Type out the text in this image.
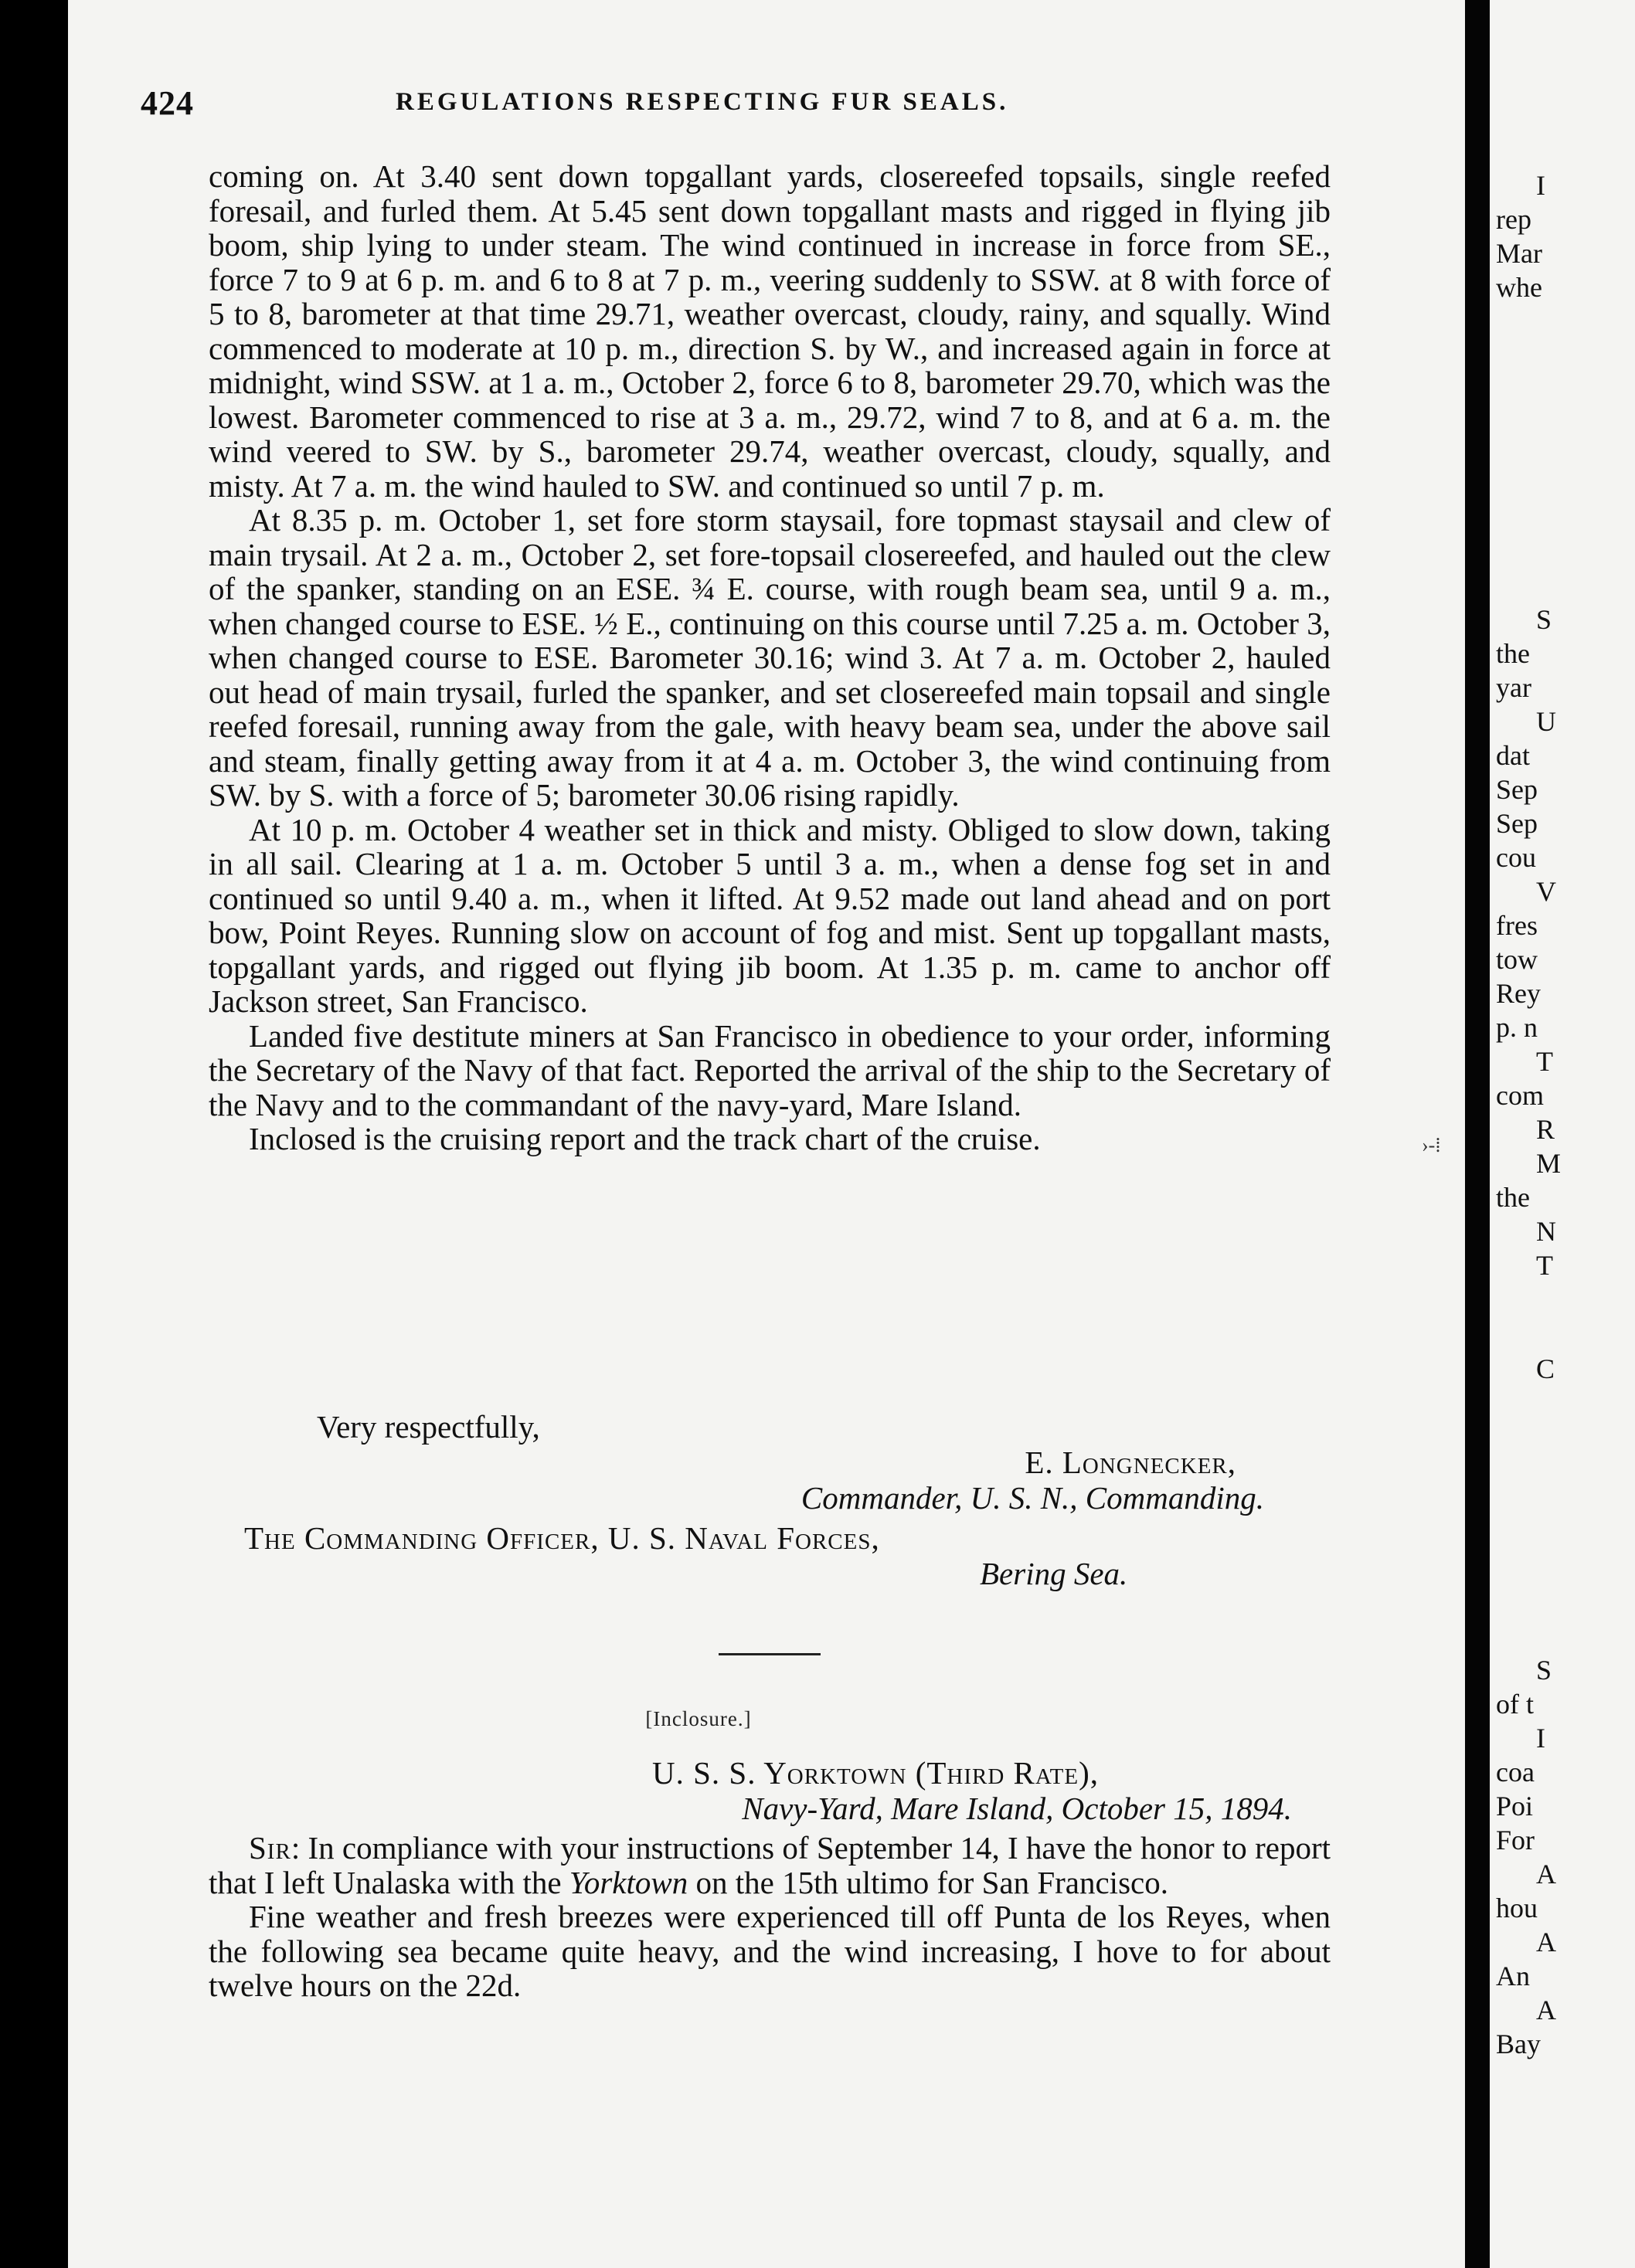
424	REGULATIONS RESPECTING FUR SEALS.

coming on. At 3.40 sent down topgallant yards, closereefed topsails, single reefed foresail, and furled them. At 5.45 sent down topgallant masts and rigged in flying jib boom, ship lying to under steam. The wind continued in increase in force from SE., force 7 to 9 at 6 p. m. and 6 to 8 at 7 p. m., veering suddenly to SSW. at 8 with force of 5 to 8, barometer at that time 29.71, weather overcast, cloudy, rainy, and squally. Wind commenced to moderate at 10 p. m., direction S. by W., and increased again in force at midnight, wind SSW. at 1 a. m., October 2, force 6 to 8, barometer 29.70, which was the lowest. Barometer commenced to rise at 3 a. m., 29.72, wind 7 to 8, and at 6 a. m. the wind veered to SW. by S., barometer 29.74, weather overcast, cloudy, squally, and misty. At 7 a. m. the wind hauled to SW. and continued so until 7 p. m.

At 8.35 p. m. October 1, set fore storm staysail, fore topmast staysail and clew of main trysail. At 2 a. m., October 2, set fore-topsail closereefed, and hauled out the clew of the spanker, standing on an ESE. ¾ E. course, with rough beam sea, until 9 a. m., when changed course to ESE. ½ E., continuing on this course until 7.25 a. m. October 3, when changed course to ESE. Barometer 30.16; wind 3. At 7 a. m. October 2, hauled out head of main trysail, furled the spanker, and set closereefed main topsail and single reefed foresail, running away from the gale, with heavy beam sea, under the above sail and steam, finally getting away from it at 4 a. m. October 3, the wind continuing from SW. by S. with a force of 5; barometer 30.06 rising rapidly.

At 10 p. m. October 4 weather set in thick and misty. Obliged to slow down, taking in all sail. Clearing at 1 a. m. October 5 until 3 a. m., when a dense fog set in and continued so until 9.40 a. m., when it lifted. At 9.52 made out land ahead and on port bow, Point Reyes. Running slow on account of fog and mist. Sent up topgallant masts, topgallant yards, and rigged out flying jib boom. At 1.35 p. m. came to anchor off Jackson street, San Francisco.

Landed five destitute miners at San Francisco in obedience to your order, informing the Secretary of the Navy of that fact. Reported the arrival of the ship to the Secretary of the Navy and to the commandant of the navy-yard, Mare Island.

Inclosed is the cruising report and the track chart of the cruise.

Very respectfully,
E. Longnecker,
Commander, U. S. N., Commanding.
The Commanding Officer, U. S. Naval Forces,
Bering Sea.
[Inclosure.]
U. S. S. Yorktown (Third Rate),
Navy-Yard, Mare Island, October 15, 1894.
Sir: In compliance with your instructions of September 14, I have the honor to report that I left Unalaska with the Yorktown on the 15th ultimo for San Francisco.
Fine weather and fresh breezes were experienced till off Punta de los Reyes, when the following sea became quite heavy, and the wind increasing, I hove to for about twelve hours on the 22d.
›-⁞
I
rep
Mar
whe
S
the
yar
U
dat
Sep
Sep
cou
V
fres
tow
Rey
p. n
T
com
R
M
the
N
T
C
S
of t
I
coa
Poi
For
A
hou
A
An
A
Bay
